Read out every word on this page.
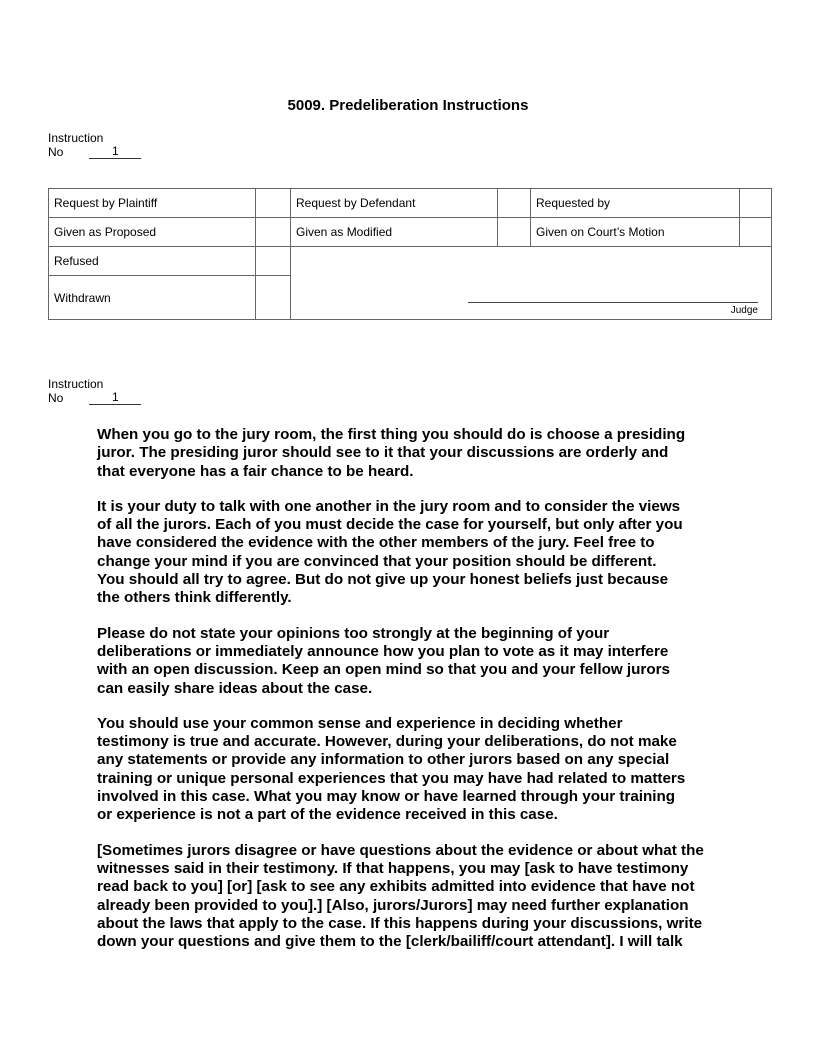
5009. Predeliberation Instructions
Instruction
No	1
Request by Plaintiff		Request by Defendant		Requested by	
Given as Proposed		Given as Modified		Given on Court’s Motion	
Refused		Judge			

Withdrawn					
Instruction
No	1

When you go to the jury room, the first thing you should do is choose a presiding
juror. The presiding juror should see to it that your discussions are orderly and
that everyone has a fair chance to be heard.

It is your duty to talk with one another in the jury room and to consider the views
of all the jurors. Each of you must decide the case for yourself, but only after you
have considered the evidence with the other members of the jury. Feel free to
change your mind if you are convinced that your position should be different.
You should all try to agree. But do not give up your honest beliefs just because
the others think differently.

Please do not state your opinions too strongly at the beginning of your
deliberations or immediately announce how you plan to vote as it may interfere
with an open discussion. Keep an open mind so that you and your fellow jurors
can easily share ideas about the case.

You should use your common sense and experience in deciding whether
testimony is true and accurate. However, during your deliberations, do not make
any statements or provide any information to other jurors based on any special
training or unique personal experiences that you may have had related to matters
involved in this case. What you may know or have learned through your training
or experience is not a part of the evidence received in this case.

[Sometimes jurors disagree or have questions about the evidence or about what the
witnesses said in their testimony. If that happens, you may [ask to have testimony
read back to you] [or] [ask to see any exhibits admitted into evidence that have not
already been provided to you].] [Also, jurors/Jurors] may need further explanation
about the laws that apply to the case. If this happens during your discussions, write
down your questions and give them to the [clerk/bailiff/court attendant]. I will talk
